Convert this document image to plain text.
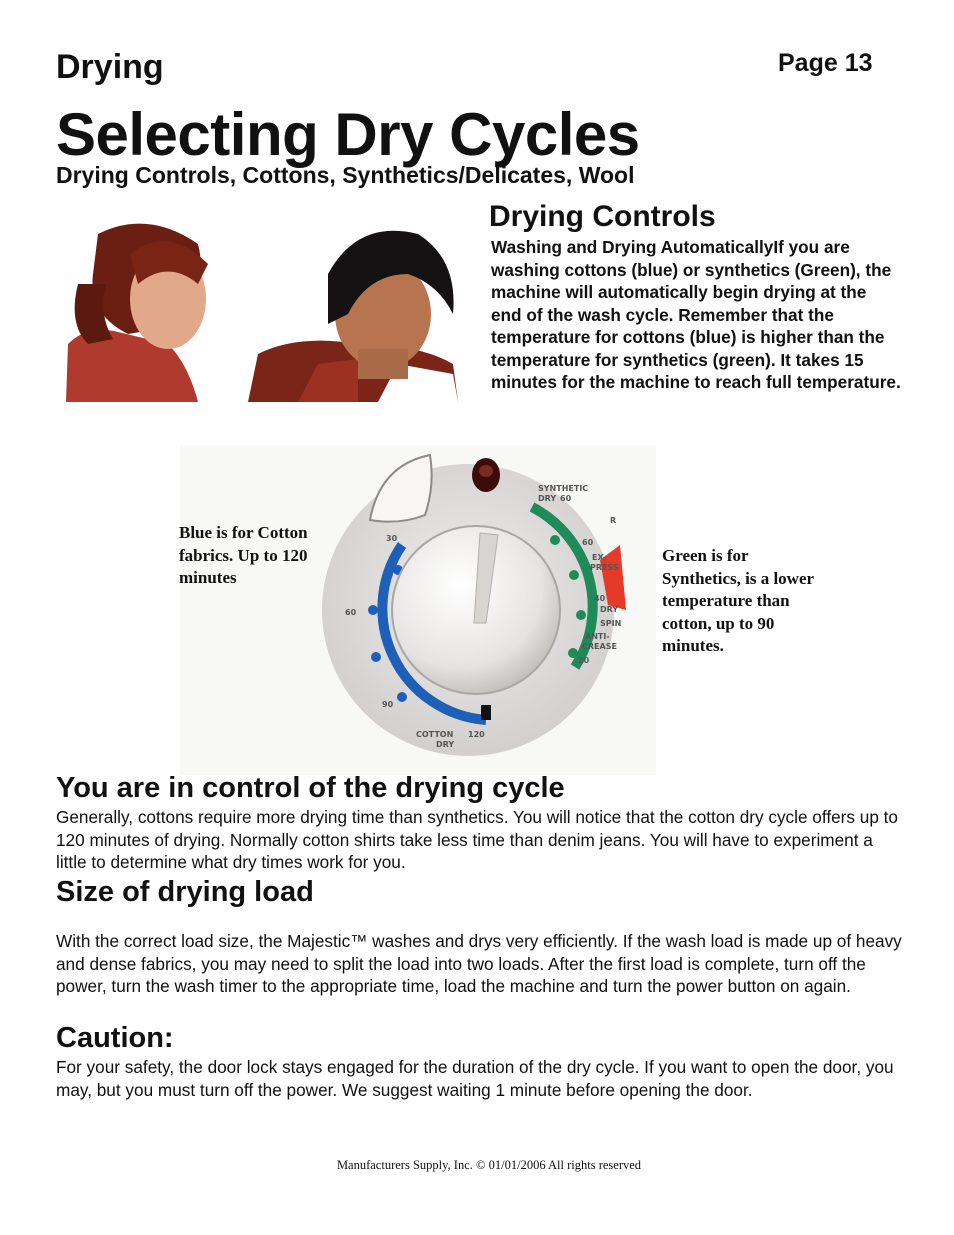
Drying	Page 13
Selecting Dry Cycles
Drying Controls, Cottons, Synthetics/Delicates, Wool
Drying Controls
Washing and Drying AutomaticallyIf you are washing cottons (blue) or synthetics (Green), the machine will automatically begin drying at the end of the wash cycle. Remember that the temperature for cottons (blue) is higher than the temperature for synthetics (green). It takes 15 minutes for the machine to reach full temperature.
SYNTHETIC
DRY 60
60
EX-
PRESS
40
DRY
SPIN
ANTI-
CREASE
20
R
30
60
90
120
COTTON
DRY
Blue is for Cotton fabrics. Up to 120 minutes
Green is for Synthetics, is a lower temperature than cotton, up to 90 minutes.
You are in control of the drying cycle
Generally, cottons require more drying time than synthetics. You will notice that the cotton dry cycle offers up to 120 minutes of drying. Normally cotton shirts take less time than denim jeans. You will have to experiment a little to determine what dry times work for you.
Size of drying load
With the correct load size, the Majestic™ washes and drys very efficiently. If the wash load is made up of heavy and dense fabrics, you may need to split the load into two loads. After the first load is complete, turn off the power, turn the wash timer to the appropriate time, load the machine and turn the power button on again.
Caution:
For your safety, the door lock stays engaged for the duration of the dry cycle. If you want to open the door, you may, but you must turn off the power. We suggest waiting 1 minute before opening the door.
Manufacturers Supply, Inc. © 01/01/2006 All rights reserved
